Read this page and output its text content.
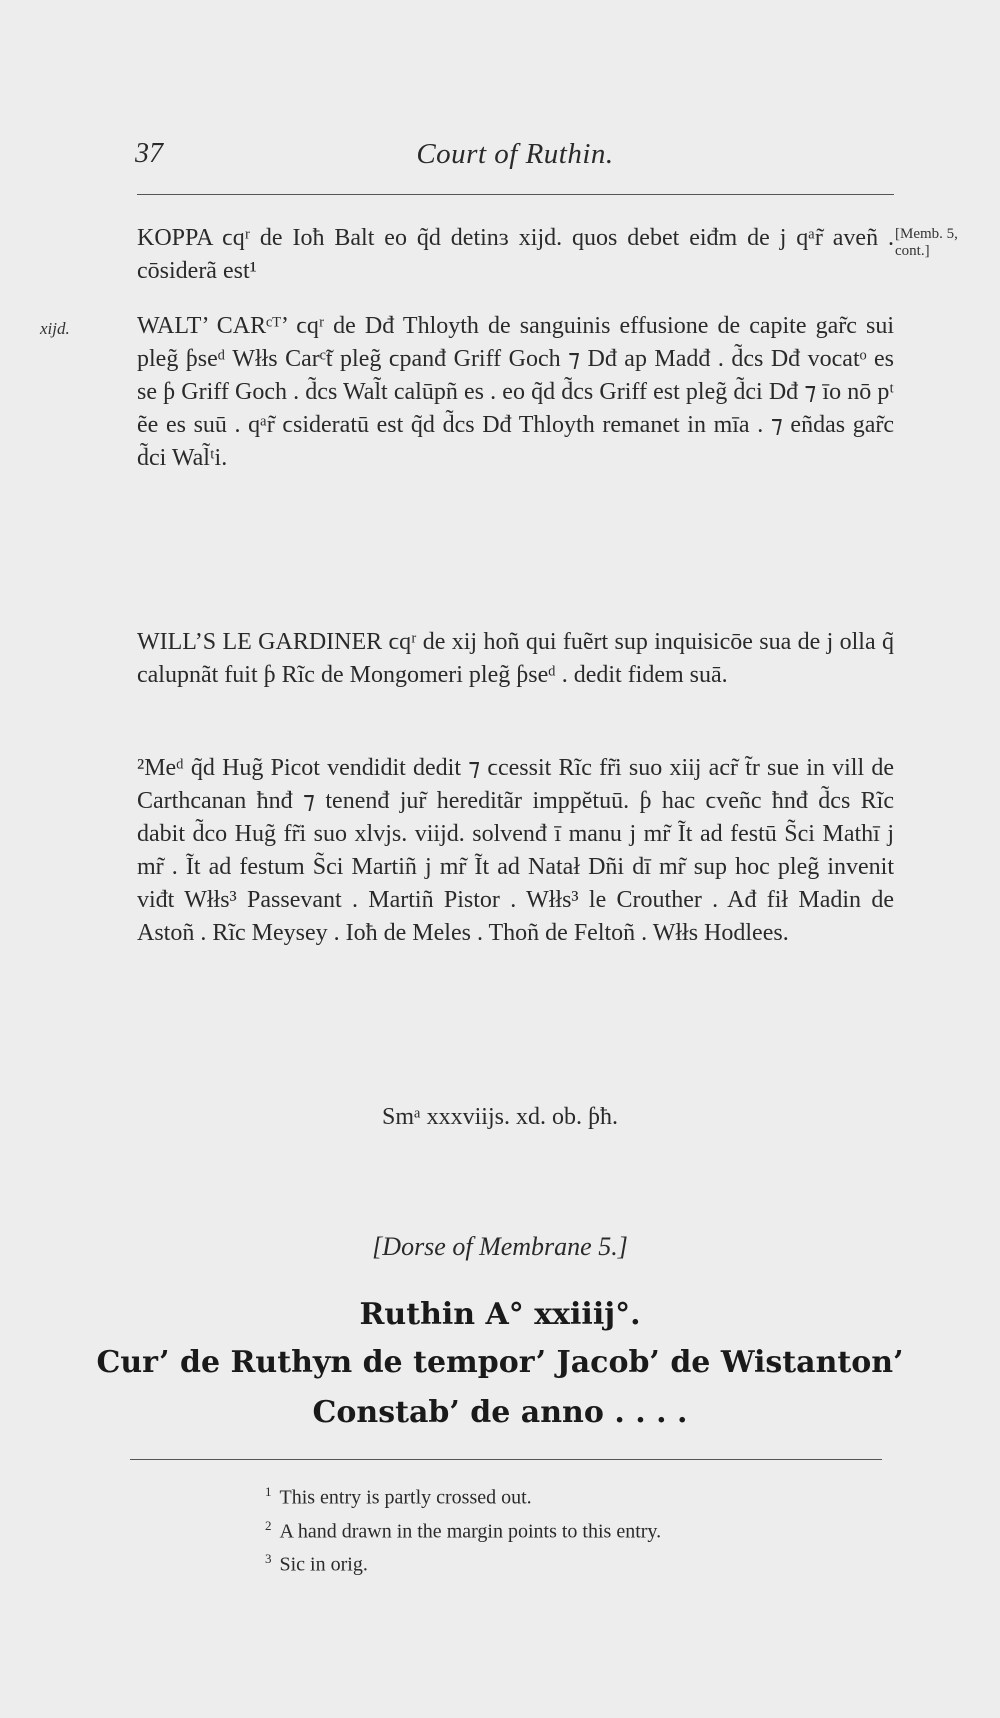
37	Court of Ruthin.
[Memb. 5, cont.]
xijd.

KOPPA ϲqʳ de Ioħ Balt eo q̃d detinɜ xijd. quos debet eiđm de j qᵃr̃ aveñ . cōsiderã est¹

WALT’ CARᶜᵀ’ ϲqʳ de Dđ Thloyth de sanguinis effusione de capite gar̃c sui pleg̃ ƥseᵈ Włłs Carᶜ̃t pleg̃ ϲpanđ Griff Goch ⁊ Dđ ap Madđ . d̃cs Dđ vocatᵒ es se ƥ Griff Goch . d̃cs Wal̃t calūpñ es . eo q̃d d̃cs Griff est pleg̃ d̃ci Dđ ⁊ īo nō pᵗ ẽe es suū . qᵃr̃ ϲsideratū est q̃d d̃cs Dđ Thloyth remanet in mīa . ⁊ eñdas gar̃c d̃ci Wal̃ᵗi.

WILL’S LE GARDINER ϲqʳ de xij hoñ qui fuẽrt sup inquisicōe sua de j olla q̃ calupnãt fuit ƥ Rĩc de Mongomeri pleg̃ ƥseᵈ . dedit fidem suā.

²Meᵈ q̃d Hug̃ Picot vendidit dedit ⁊ ϲcessit Rĩc fr̃i suo xiij acr̃ t̃r sue in vill de Carthcanan ħnđ ⁊ tenenđ jur̃ hereditãr imppĕtuū. ƥ hac ϲveñc ħnđ d̃cs Rĩc dabit d̃co Hug̃ fr̃i suo xlvjs. viijd. solvenđ ī manu j mr̃ Ĩt ad festū S̃ci Mathī j mr̃ . Ĩt ad festum S̃ci Martiñ j mr̃ Ĩt ad Natał Dñi dī mr̃ sup hoc pleg̃ invenit viđt Włłs³ Passevant . Martiñ Pistor . Włłs³ le Crouther . Ađ fił Madin de Astoñ . Rĩc Meysey . Ioħ de Meles . Thoñ de Feltoñ . Włłs Hodlees.

Smᵃ xxxviijs. xd. ob. ƥħ.
[Dorse of Membrane 5.]
Ruthin A° xxiiij°.
Cur’ de Ruthyn de tempor’ Jacob’ de Wistanton’
Constab’ de anno . . . .
$^1$ This entry is partly crossed out.
$^2$ A hand drawn in the margin points to this entry.
$^3$ Sic in orig.
